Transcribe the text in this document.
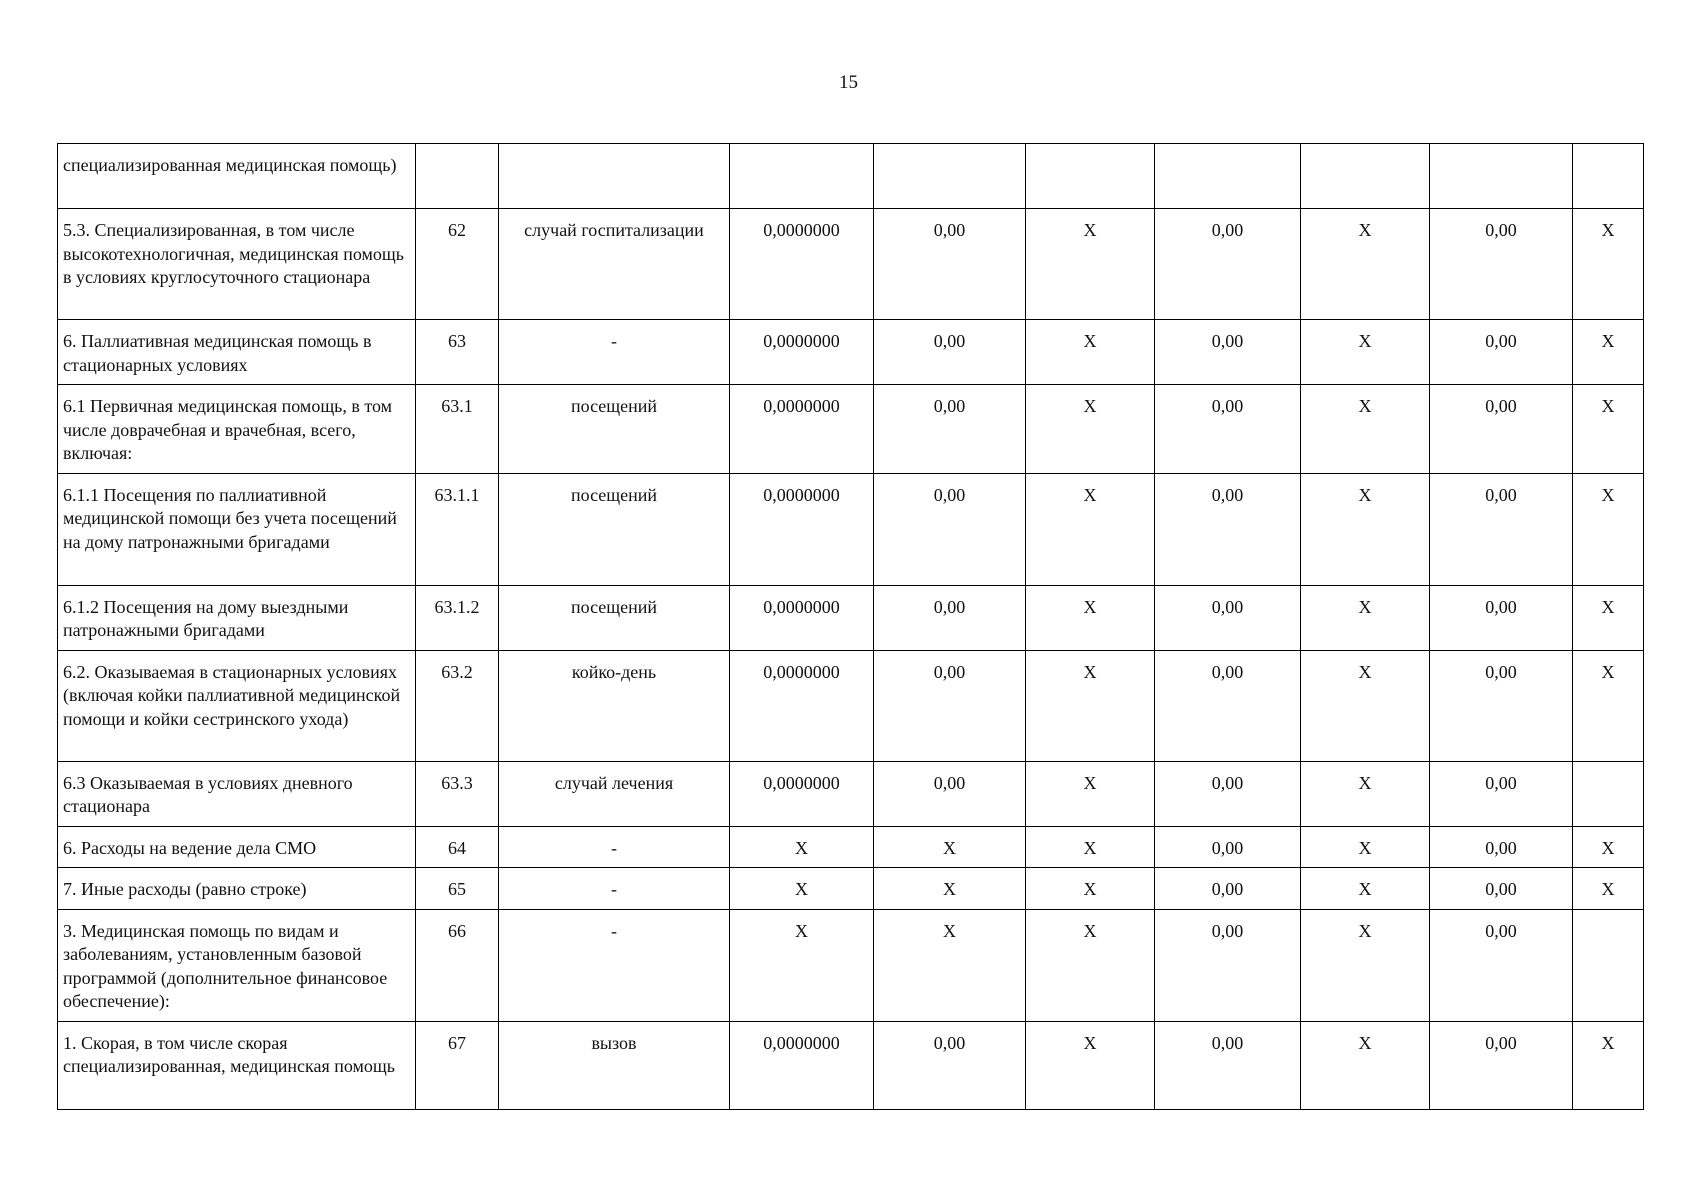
15
специализированная медицинская помощь)									
5.3. Специализированная, в том числе высокотехнологичная, медицинская помощь в условиях круглосуточного стационара	62	случай госпитализации	0,0000000	0,00	X	0,00	X	0,00	X
6. Паллиативная медицинская помощь в стационарных условиях	63	-	0,0000000	0,00	X	0,00	X	0,00	X
6.1 Первичная медицинская помощь, в том числе доврачебная и врачебная, всего, включая:	63.1	посещений	0,0000000	0,00	X	0,00	X	0,00	X
6.1.1 Посещения по паллиативной медицинской помощи без учета посещений на дому патронажными бригадами	63.1.1	посещений	0,0000000	0,00	X	0,00	X	0,00	X
6.1.2 Посещения на дому выездными патронажными бригадами	63.1.2	посещений	0,0000000	0,00	X	0,00	X	0,00	X
6.2. Оказываемая в стационарных условиях (включая койки паллиативной медицинской помощи и койки сестринского ухода)	63.2	койко-день	0,0000000	0,00	X	0,00	X	0,00	X
6.3 Оказываемая в условиях дневного стационара	63.3	случай лечения	0,0000000	0,00	X	0,00	X	0,00	
6. Расходы на ведение дела СМО	64	-	X	X	X	0,00	X	0,00	X
7. Иные расходы (равно строке)	65	-	X	X	X	0,00	X	0,00	X
3. Медицинская помощь по видам и заболеваниям, установленным базовой программой (дополнительное финансовое обеспечение):	66	-	X	X	X	0,00	X	0,00	
1. Скорая, в том числе скорая специализированная, медицинская помощь	67	вызов	0,0000000	0,00	X	0,00	X	0,00	X
